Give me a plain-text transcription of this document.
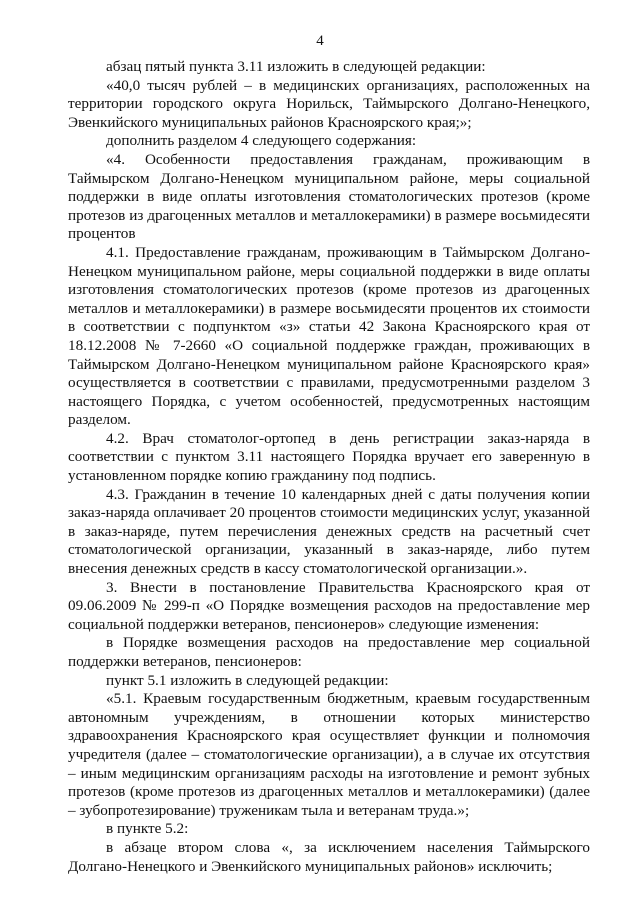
4

абзац пятый пункта 3.11 изложить в следующей редакции:

«40,0 тысяч рублей – в медицинских организациях, расположенных на территории городского округа Норильск, Таймырского Долгано-Ненецкого, Эвенкийского муниципальных районов Красноярского края;»;

дополнить разделом 4 следующего содержания:

«4. Особенности предоставления гражданам, проживающим в Таймырском Долгано-Ненецком муниципальном районе, меры социальной поддержки в виде оплаты изготовления стоматологических протезов (кроме протезов из драгоценных металлов и металлокерамики) в размере восьмидесяти процентов

4.1. Предоставление гражданам, проживающим в Таймырском Долгано-Ненецком муниципальном районе, меры социальной поддержки в виде оплаты изготовления стоматологических протезов (кроме протезов из драгоценных металлов и металлокерамики) в размере восьмидесяти процентов их стоимости в соответствии с подпунктом «з» статьи 42 Закона Красноярского края от 18.12.2008 № 7-2660 «О социальной поддержке граждан, проживающих в Таймырском Долгано-Ненецком муниципальном районе Красноярского края» осуществляется в соответствии с правилами, предусмотренными разделом 3 настоящего Порядка, с учетом особенностей, предусмотренных настоящим разделом.

4.2. Врач стоматолог-ортопед в день регистрации заказ-наряда в соответствии с пунктом 3.11 настоящего Порядка вручает его заверенную в установленном порядке копию гражданину под подпись.

4.3. Гражданин в течение 10 календарных дней с даты получения копии заказ-наряда оплачивает 20 процентов стоимости медицинских услуг, указанной в заказ-наряде, путем перечисления денежных средств на расчетный счет стоматологической организации, указанный в заказ-наряде, либо путем внесения денежных средств в кассу стоматологической организации.».

3. Внести в постановление Правительства Красноярского края от 09.06.2009 № 299-п «О Порядке возмещения расходов на предоставление мер социальной поддержки ветеранов, пенсионеров» следующие изменения:

в Порядке возмещения расходов на предоставление мер социальной поддержки ветеранов, пенсионеров:

пункт 5.1 изложить в следующей редакции:

«5.1. Краевым государственным бюджетным, краевым государственным автономным учреждениям, в отношении которых министерство здравоохранения Красноярского края осуществляет функции и полномочия учредителя (далее – стоматологические организации), а в случае их отсутствия – иным медицинским организациям расходы на изготовление и ремонт зубных протезов (кроме протезов из драгоценных металлов и металлокерамики) (далее – зубопротезирование) труженикам тыла и ветеранам труда.»;

в пункте 5.2:

в абзаце втором слова «, за исключением населения Таймырского Долгано-Ненецкого и Эвенкийского муниципальных районов» исключить;
